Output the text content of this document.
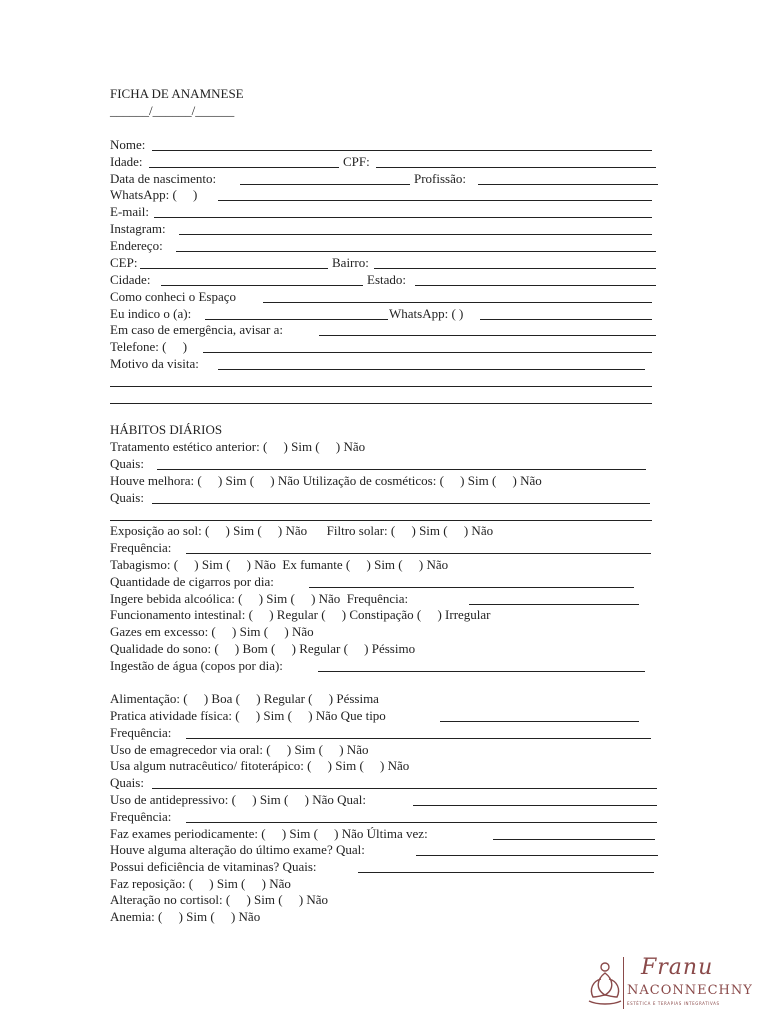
FICHA DE ANAMNESE
______/______/______
Nome:
Idade:	CPF:
Data de nascimento:	Profissão:
WhatsApp: (     )
E-mail:
Instagram:
Endereço:
CEP:	Bairro:
Cidade:	Estado:
Como conheci o Espaço
Eu indico o (a):	WhatsApp: ( )
Em caso de emergência, avisar a:
Telefone: (     )
Motivo da visita:
HÁBITOS DIÁRIOS
Tratamento estético anterior: (     ) Sim (     ) Não
Quais:
Houve melhora: (     ) Sim (     ) Não Utilização de cosméticos: (     ) Sim (     ) Não
Quais:
Exposição ao sol: (     ) Sim (     ) Não      Filtro solar: (     ) Sim (     ) Não
Frequência:
Tabagismo: (     ) Sim (     ) Não  Ex fumante (     ) Sim (     ) Não
Quantidade de cigarros por dia:
Ingere bebida alcoólica: (     ) Sim (     ) Não  Frequência:
Funcionamento intestinal: (     ) Regular (     ) Constipação (     ) Irregular
Gazes em excesso: (     ) Sim (     ) Não
Qualidade do sono: (     ) Bom (     ) Regular (     ) Péssimo
Ingestão de água (copos por dia):
Alimentação: (     ) Boa (     ) Regular (     ) Péssima
Pratica atividade física: (     ) Sim (     ) Não Que tipo
Frequência:
Uso de emagrecedor via oral: (     ) Sim (     ) Não
Usa algum nutracêutico/ fitoterápico: (     ) Sim (     ) Não
Quais:
Uso de antidepressivo: (     ) Sim (     ) Não Qual:
Frequência:
Faz exames periodicamente: (     ) Sim (     ) Não Última vez:
Houve alguma alteração do último exame? Qual:
Possui deficiência de vitaminas? Quais:
Faz reposição: (     ) Sim (     ) Não
Alteração no cortisol: (     ) Sim (     ) Não
Anemia: (     ) Sim (     ) Não
Franu
NACONNECHNY
ESTÉTICA E TERAPIAS INTEGRATIVAS
